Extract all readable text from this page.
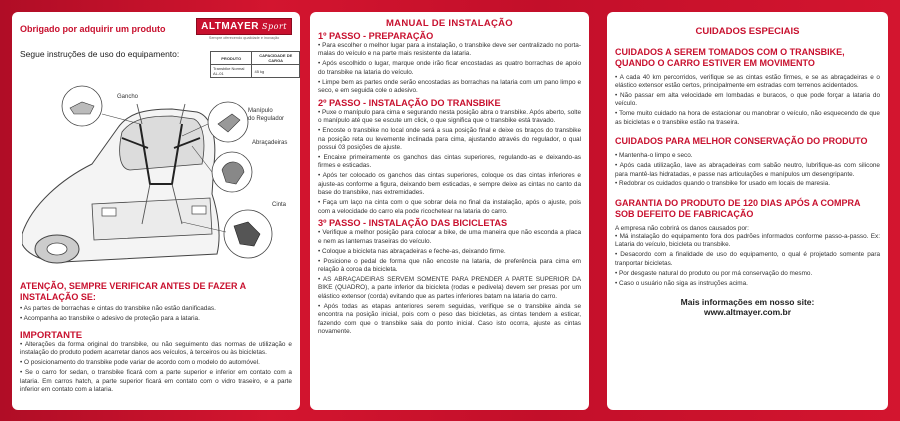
Obrigado por adquirir um produto	ALTMAYER Sport
Sempre oferecendo qualidade e inovação
Segue instruções de uso do equipamento:	PRODUTO	CAPACIDADE DE CARGA
Transbike Normal AL-01	45 kg
Gancho
Manípulo
do Regulador
Abraçadeiras
Cinta
ATENÇÃO, SEMPRE VERIFICAR ANTES DE FAZER A INSTALAÇÃO SE:
• As partes de borrachas e cintas do transbike não estão danificadas.
• Acompanha ao transbike o adesivo de proteção para a lataria.
IMPORTANTE
• Alterações da forma original do transbike, ou não seguimento das normas de utilização e instalação do produto podem acarretar danos aos veículos, à terceiros ou às bicicletas.
• O posicionamento do transbike pode variar de acordo com o modelo do automóvel.
• Se o carro for sedan, o transbike ficará com a parte superior e inferior em contato com a lataria. Em carros hatch, a parte superior ficará em contato com o vidro traseiro, e a parte inferior em contato com a lataria.
MANUAL DE INSTALAÇÃO
1º PASSO - PREPARAÇÃO
• Para escolher o melhor lugar para a instalação, o transbike deve ser centralizado no porta-malas do veículo e na parte mais resistente da lataria.
• Após escolhido o lugar, marque onde irão ficar encostadas as quatro borrachas de apoio do transbike na lataria do veículo.
• Limpe bem as partes onde serão encostadas as borrachas na lataria com um pano limpo e seco, e em seguida cole o adesivo.
2º PASSO - INSTALAÇÃO DO TRANSBIKE
• Puxe o manípulo para cima e segurando nesta posição abra o transbike. Após aberto, solte o manípulo até que se escute um click, o que significa que o transbike está travado.
• Encoste o transbike no local onde será a sua posição final e deixe os braços do transbike na posição reta ou levemente inclinada para cima, ajustando através do regulador, o qual possui 03 posições de ajuste.
• Encaixe primeiramente os ganchos das cintas superiores, regulando-as e deixando-as firmes e esticadas.
• Após ter colocado os ganchos das cintas superiores, coloque os das cintas inferiores e ajuste-as conforme a figura, deixando bem esticadas, e sempre deixe as cintas no canto da base do transbike, nas extremidades.
• Faça um laço na cinta com o que sobrar dela no final da instalação, após o ajuste, pois com a velocidade do carro ela pode ricochetear na lataria do carro.
3º PASSO - INSTALAÇÃO DAS BICICLETAS
• Verifique a melhor posição para colocar a bike, de uma maneira que não esconda a placa e nem as lanternas traseiras do veículo.
• Coloque a bicicleta nas abraçadeiras e feche-as, deixando firme.
• Posicione o pedal de forma que não encoste na lataria, de preferência para cima em relação à coroa da bicicleta.
• AS ABRAÇADEIRAS SERVEM SOMENTE PARA PRENDER A PARTE SUPERIOR DA BIKE (QUADRO), a parte inferior da bicicleta (rodas e pedivela) devem ser presas por um elástico extensor (corda) evitando que as partes inferiores batam na lataria do carro.
• Após todas as etapas anteriores serem seguidas, verifique se o transbike ainda se encontra na posição inicial, pois com o peso das bicicletas, as cintas tendem a esticar, fazendo com que o transbike saia do ponto inicial. Caso isto ocorra, ajuste as cintas novamente.
CUIDADOS ESPECIAIS
CUIDADOS A SEREM TOMADOS COM O TRANSBIKE, QUANDO O CARRO ESTIVER EM MOVIMENTO
• A cada 40 km percorridos, verifique se as cintas estão firmes, e se as abraçadeiras e o elástico extensor estão certos, principalmente em estradas com terrenos acidentados.
• Não passar em alta velocidade em lombadas e buracos, o que pode forçar a lataria do veículo.
• Tome muito cuidado na hora de estacionar ou manobrar o veículo, não esquecendo de que as bicicletas e o transbike estão na traseira.
CUIDADOS PARA MELHOR CONSERVAÇÃO DO PRODUTO
• Mantenha-o limpo e seco.
• Após cada utilização, lave as abraçadeiras com sabão neutro, lubrifique-as com silicone para mantê-las hidratadas, e passe nas articulações e manípulos um desengripante.
• Redobrar os cuidados quando o transbike for usado em locais de maresia.
GARANTIA DO PRODUTO DE 120 DIAS APÓS A COMPRA SOB DEFEITO DE FABRICAÇÃO
A empresa não cobrirá os danos causados por:
• Má instalação do equipamento fora dos padrões informados conforme passo-a-passo. Ex: Lataria do veículo, bicicleta ou transbike.
• Desacordo com a finalidade de uso do equipamento, o qual é projetado somente para tranportar bicicletas.
• Por desgaste natural do produto ou por má conservação do mesmo.
• Caso o usuário não siga as instruções acima.
Mais informações em nosso site:
www.altmayer.com.br
